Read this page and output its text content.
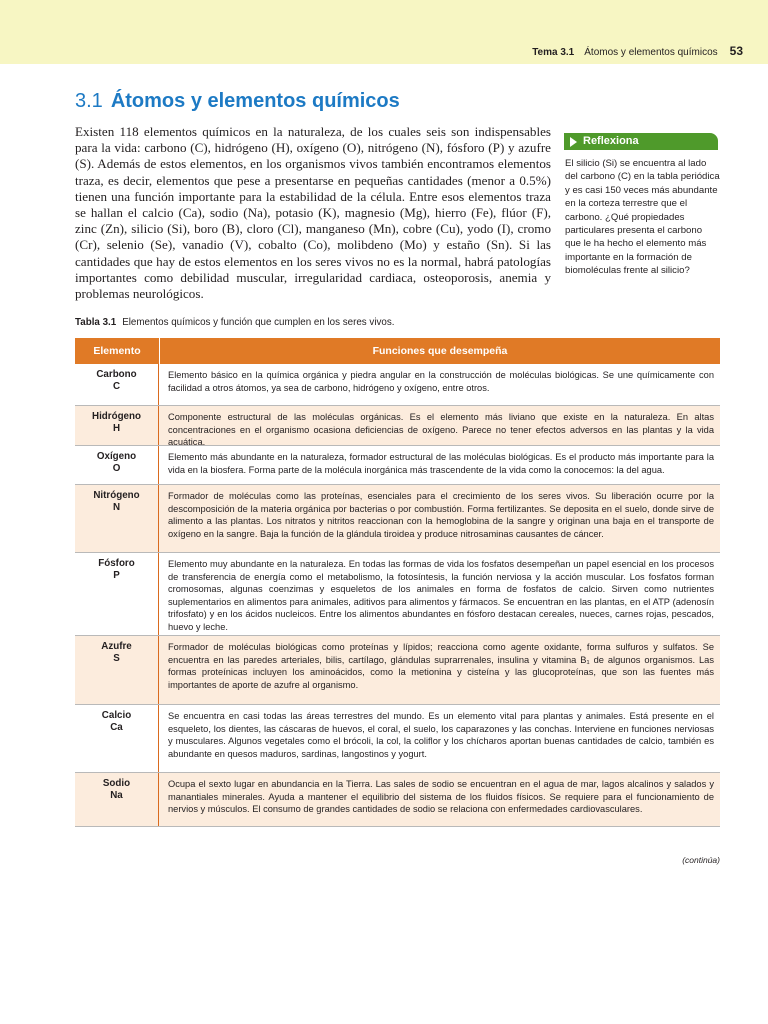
Tema 3.1 Átomos y elementos químicos 53
3.1 Átomos y elementos químicos
Existen 118 elementos químicos en la naturaleza, de los cuales seis son indispensables para la vida: carbono (C), hidrógeno (H), oxígeno (O), nitrógeno (N), fósforo (P) y azufre (S). Además de estos elementos, en los organismos vivos también encontramos elementos traza, es decir, elementos que pese a presentarse en pequeñas cantidades (menor a 0.5%) tienen una función importante para la estabilidad de la célula. Entre esos elementos traza se hallan el calcio (Ca), sodio (Na), potasio (K), magnesio (Mg), hierro (Fe), flúor (F), zinc (Zn), silicio (Si), boro (B), cloro (Cl), manganeso (Mn), cobre (Cu), yodo (I), cromo (Cr), selenio (Se), vanadio (V), cobalto (Co), molibdeno (Mo) y estaño (Sn). Si las cantidades que hay de estos elementos en los seres vivos no es la normal, habrá patologías importantes como debilidad muscular, irregularidad cardiaca, osteoporosis, anemia y problemas neurológicos.
Reflexiona
El silicio (Si) se encuentra al lado del carbono (C) en la tabla periódica y es casi 150 veces más abundante en la corteza terrestre que el carbono. ¿Qué propiedades particulares presenta el carbono que le ha hecho el elemento más importante en la formación de biomoléculas frente al silicio?
Tabla 3.1 Elementos químicos y función que cumplen en los seres vivos.
Elemento	Funciones que desempeña
Carbono
C
Elemento básico en la química orgánica y piedra angular en la construcción de moléculas biológicas. Se une químicamente con facilidad a otros átomos, ya sea de carbono, hidrógeno y oxígeno, entre otros.
Hidrógeno
H
Componente estructural de las moléculas orgánicas. Es el elemento más liviano que existe en la naturaleza. En altas concentraciones en el organismo ocasiona deficiencias de oxígeno. Parece no tener efectos adversos en las plantas y la vida acuática.
Oxígeno
O
Elemento más abundante en la naturaleza, formador estructural de las moléculas biológicas. Es el producto más importante para la vida en la biosfera. Forma parte de la molécula inorgánica más trascendente de la vida como la conocemos: la del agua.
Nitrógeno
N
Formador de moléculas como las proteínas, esenciales para el crecimiento de los seres vivos. Su liberación ocurre por la descomposición de la materia orgánica por bacterias o por combustión. Forma fertilizantes. Se deposita en el suelo, donde sirve de alimento a las plantas. Los nitratos y nitritos reaccionan con la hemoglobina de la sangre y originan una baja en el transporte de oxígeno en la sangre. Baja la función de la glándula tiroidea y produce nitrosaminas causantes de cáncer.
Fósforo
P
Elemento muy abundante en la naturaleza. En todas las formas de vida los fosfatos desempeñan un papel esencial en los procesos de transferencia de energía como el metabolismo, la fotosíntesis, la función nerviosa y la acción muscular. Los fosfatos forman cromosomas, algunas coenzimas y esqueletos de los animales en forma de fosfatos de calcio. Sirven como nutrientes suplementarios en alimentos para animales, aditivos para alimentos y fármacos. Se encuentran en las plantas, en el ATP (adenosín trifosfato) y en los ácidos nucleicos. Entre los alimentos abundantes en fósforo destacan cereales, nueces, carnes rojas, pescados, huevo y leche.
Azufre
S
Formador de moléculas biológicas como proteínas y lípidos; reacciona como agente oxidante, forma sulfuros y sulfatos. Se encuentra en las paredes arteriales, bilis, cartílago, glándulas suprarrenales, insulina y vitamina B₁ de algunos organismos. Las formas proteínicas incluyen los aminoácidos, como la metionina y cisteína y las glucoproteínas, que son las fuentes más importantes de aporte de azufre al organismo.
Calcio
Ca
Se encuentra en casi todas las áreas terrestres del mundo. Es un elemento vital para plantas y animales. Está presente en el esqueleto, los dientes, las cáscaras de huevos, el coral, el suelo, los caparazones y las conchas. Interviene en funciones nerviosas y musculares. Algunos vegetales como el brócoli, la col, la coliflor y los chícharos aportan buenas cantidades de calcio, también es abundante en quesos maduros, sardinas, langostinos y yogurt.
Sodio
Na
Ocupa el sexto lugar en abundancia en la Tierra. Las sales de sodio se encuentran en el agua de mar, lagos alcalinos y salados y manantiales minerales. Ayuda a mantener el equilibrio del sistema de los fluidos físicos. Se requiere para el funcionamiento de nervios y músculos. El consumo de grandes cantidades de sodio se relaciona con enfermedades cardiovasculares.
(continúa)
